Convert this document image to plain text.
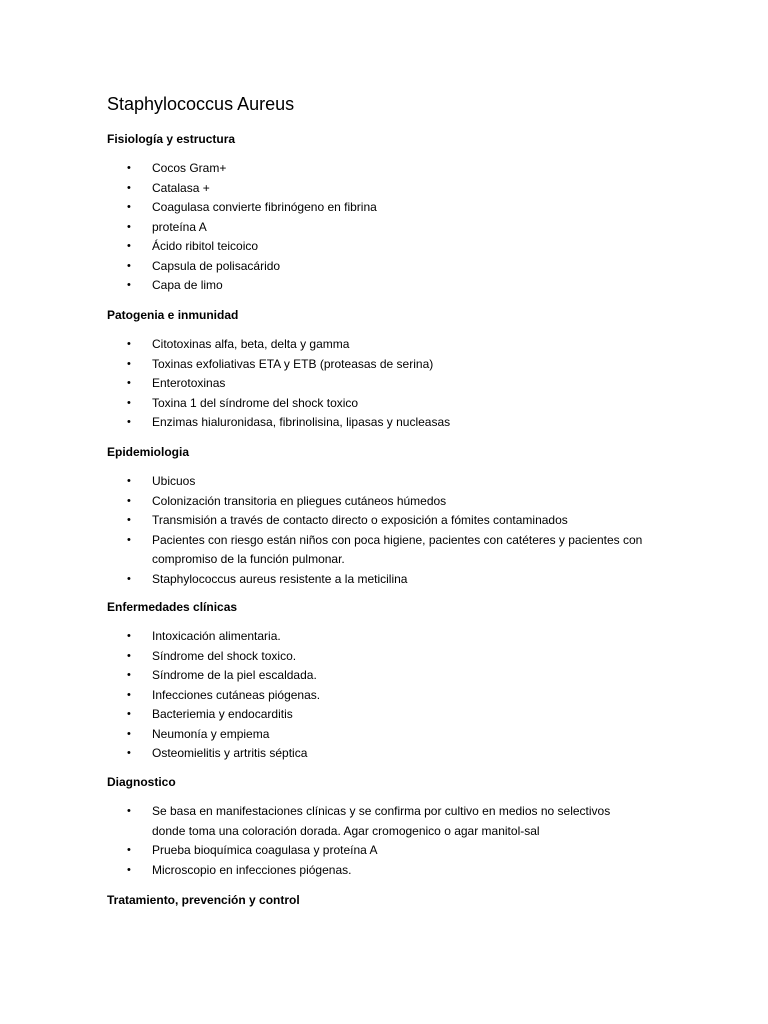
Staphylococcus Aureus
Fisiología y estructura
•	Cocos Gram+
•	Catalasa +
•	Coagulasa convierte fibrinógeno en fibrina
•	proteína A
•	Ácido ribitol teicoico
•	Capsula de polisacárido
•	Capa de limo
Patogenia e inmunidad
•	Citotoxinas alfa, beta, delta y gamma
•	Toxinas exfoliativas ETA y ETB (proteasas de serina)
•	Enterotoxinas
•	Toxina 1 del síndrome del shock toxico
•	Enzimas hialuronidasa, fibrinolisina, lipasas y nucleasas
Epidemiologia
•	Ubicuos
•	Colonización transitoria en pliegues cutáneos húmedos
•	Transmisión a través de contacto directo o exposición a fómites contaminados
•	Pacientes con riesgo están niños con poca higiene, pacientes con catéteres y pacientes con
compromiso de la función pulmonar.
•	Staphylococcus aureus resistente a la meticilina
Enfermedades clínicas
•	Intoxicación alimentaria.
•	Síndrome del shock toxico.
•	Síndrome de la piel escaldada.
•	Infecciones cutáneas piógenas.
•	Bacteriemia y endocarditis
•	Neumonía y empiema
•	Osteomielitis y artritis séptica
Diagnostico
•	Se basa en manifestaciones clínicas y se confirma por cultivo en medios no selectivos
donde toma una coloración dorada. Agar cromogenico o agar manitol-sal
•	Prueba bioquímica coagulasa y proteína A
•	Microscopio en infecciones piógenas.
Tratamiento, prevención y control
